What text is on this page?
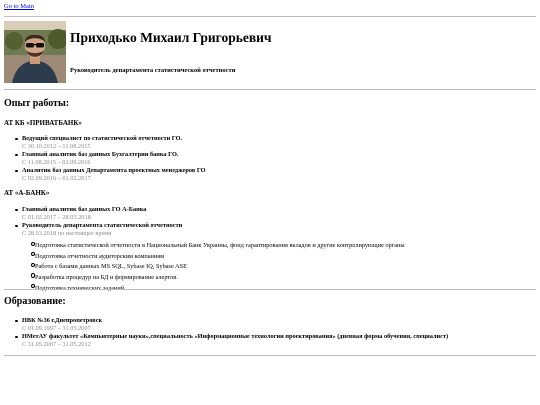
Go to Main
Приходько Михаил Григорьевич
Руководитель департамента статистической отчетности
Опыт работы:
АТ КБ «ПРИВАТБАНК»
Ведущий специалист по статистической отчетности ГО.
С 30.10.2012 – 11.08.2015
Главный аналитик баз данных Бухгалтерии банка ГО.
С 11.08.2015 – 02.09.2016
Аналитик баз данных Департамента проектных менеджеров ГО
С 02.09.2016 – 01.02.2017
АТ «А-БАНК»
Главный аналитик баз данных ГО А-Банка
С 01.02.2017 – 28.03.2018
Руководитель департамента статистической отчетности
С 28.03.2018 по настоящее время
Подготовка статистической отчетности в Национальный Банк Украины, фонд гарантирования вкладов и другие контролирующие органы
Подготовка отчетности аудиторским компаниям
Работа с базами данных MS SQL, Sybase IQ, Sybase ASE
Разработка процедур на БД и формирование алертов.
Подготовка технических заданий
Образование:
НВК №36 г.Днепропетровск
С 01.09.1997 – 31.05.2007
НМетАУ факультет «Компьютерные науки»,специальность «Информационные технологии проектирования» (дневная форма обучения, специалист)
С 31.05.2007 – 31.05.2012
